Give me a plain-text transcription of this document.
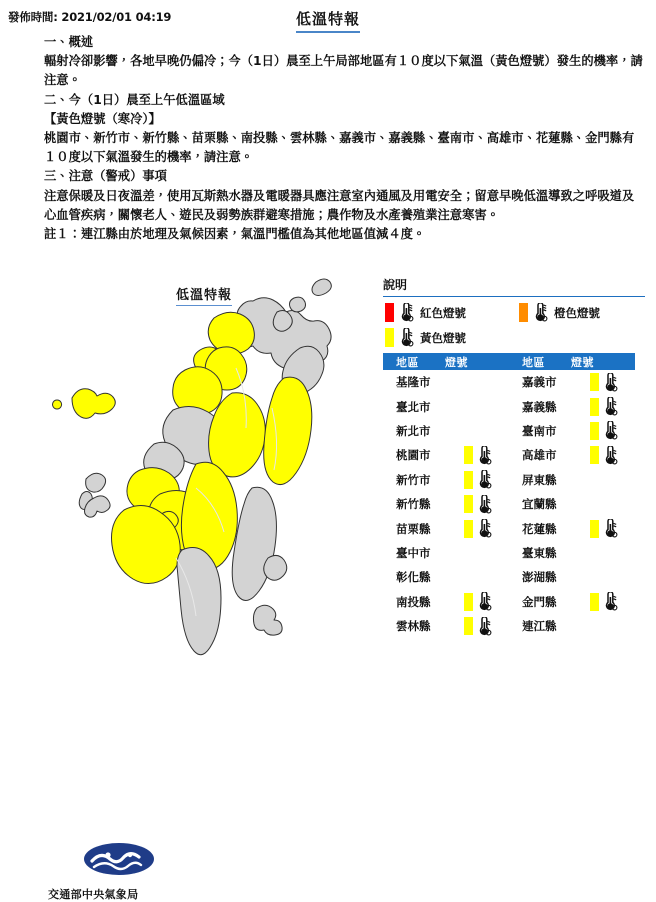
發佈時間: 2021/02/01 04:19	低溫特報

一、概述

輻射冷卻影響，各地早晚仍偏冷；今（1日）晨至上午局部地區有１０度以下氣溫（黃色燈號）發生的機率，請注意。

二、今（1日）晨至上午低溫區域

【黃色燈號（寒冷）】

桃園市、新竹市、新竹縣、苗栗縣、南投縣、雲林縣、嘉義市、嘉義縣、臺南市、高雄市、花蓮縣、金門縣有１０度以下氣溫發生的機率，請注意。

三、注意（警戒）事項

注意保暖及日夜溫差，使用瓦斯熱水器及電暖器具應注意室內通風及用電安全；留意早晚低溫導致之呼吸道及心血管疾病，關懷老人、遊民及弱勢族群避寒措施；農作物及水產養殖業注意寒害。

註１：連江縣由於地理及氣候因素，氣溫門檻值為其他地區值減４度。

低溫特報
交通部中央氣象局
說明
紅色燈號	橙色燈號
黃色燈號
地區 燈號
基隆市
臺北市
新北市
桃園市
新竹市
新竹縣
苗栗縣
臺中市
彰化縣
南投縣
雲林縣
地區 燈號
嘉義市
嘉義縣
臺南市
高雄市
屏東縣
宜蘭縣
花蓮縣
臺東縣
澎湖縣
金門縣
連江縣
